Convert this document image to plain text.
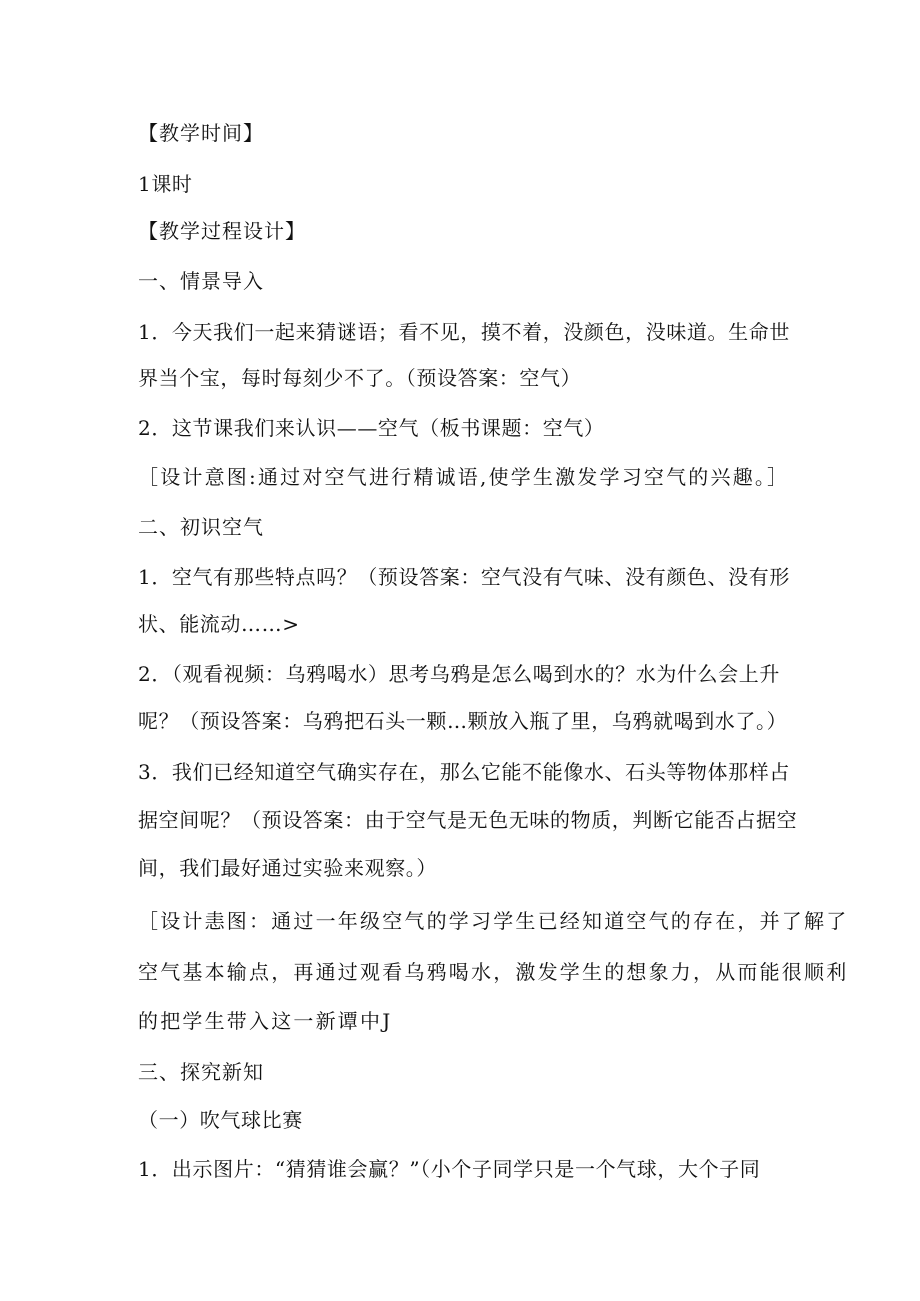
【教学时间】
1课时
【教学过程设计】
一、情景导入
1．今天我们一起来猜谜语；看不见，摸不着，没颜色，没味道。生命世
界当个宝，每时每刻少不了。（预设答案：空气）
2．这节课我们来认识——空气（板书课题：空气）
［设计意图:通过对空气进行精诚语,使学生激发学习空气的兴趣。］
二、初识空气
1．空气有那些特点吗？（预设答案：空气没有气味、没有颜色、没有形
状、能流动……>
2．（观看视频：乌鸦喝水）思考乌鸦是怎么喝到水的？水为什么会上升
呢？（预设答案：乌鸦把石头一颗…颗放入瓶了里，乌鸦就喝到水了。）
3．我们已经知道空气确实存在，那么它能不能像水、石头等物体那样占
据空间呢？（预设答案：由于空气是无色无味的物质，判断它能否占据空
间，我们最好通过实验来观察。）
［设计恚图：通过一年级空气的学习学生已经知道空气的存在，并了解了
空气基本输点，再通过观看乌鸦喝水，激发学生的想象力，从而能很顺利
的把学生带入这一新谭中J
三、探究新知
（一）吹气球比赛
1．出示图片：“猜猜谁会赢？”（小个子同学只是一个气球，大个子同
